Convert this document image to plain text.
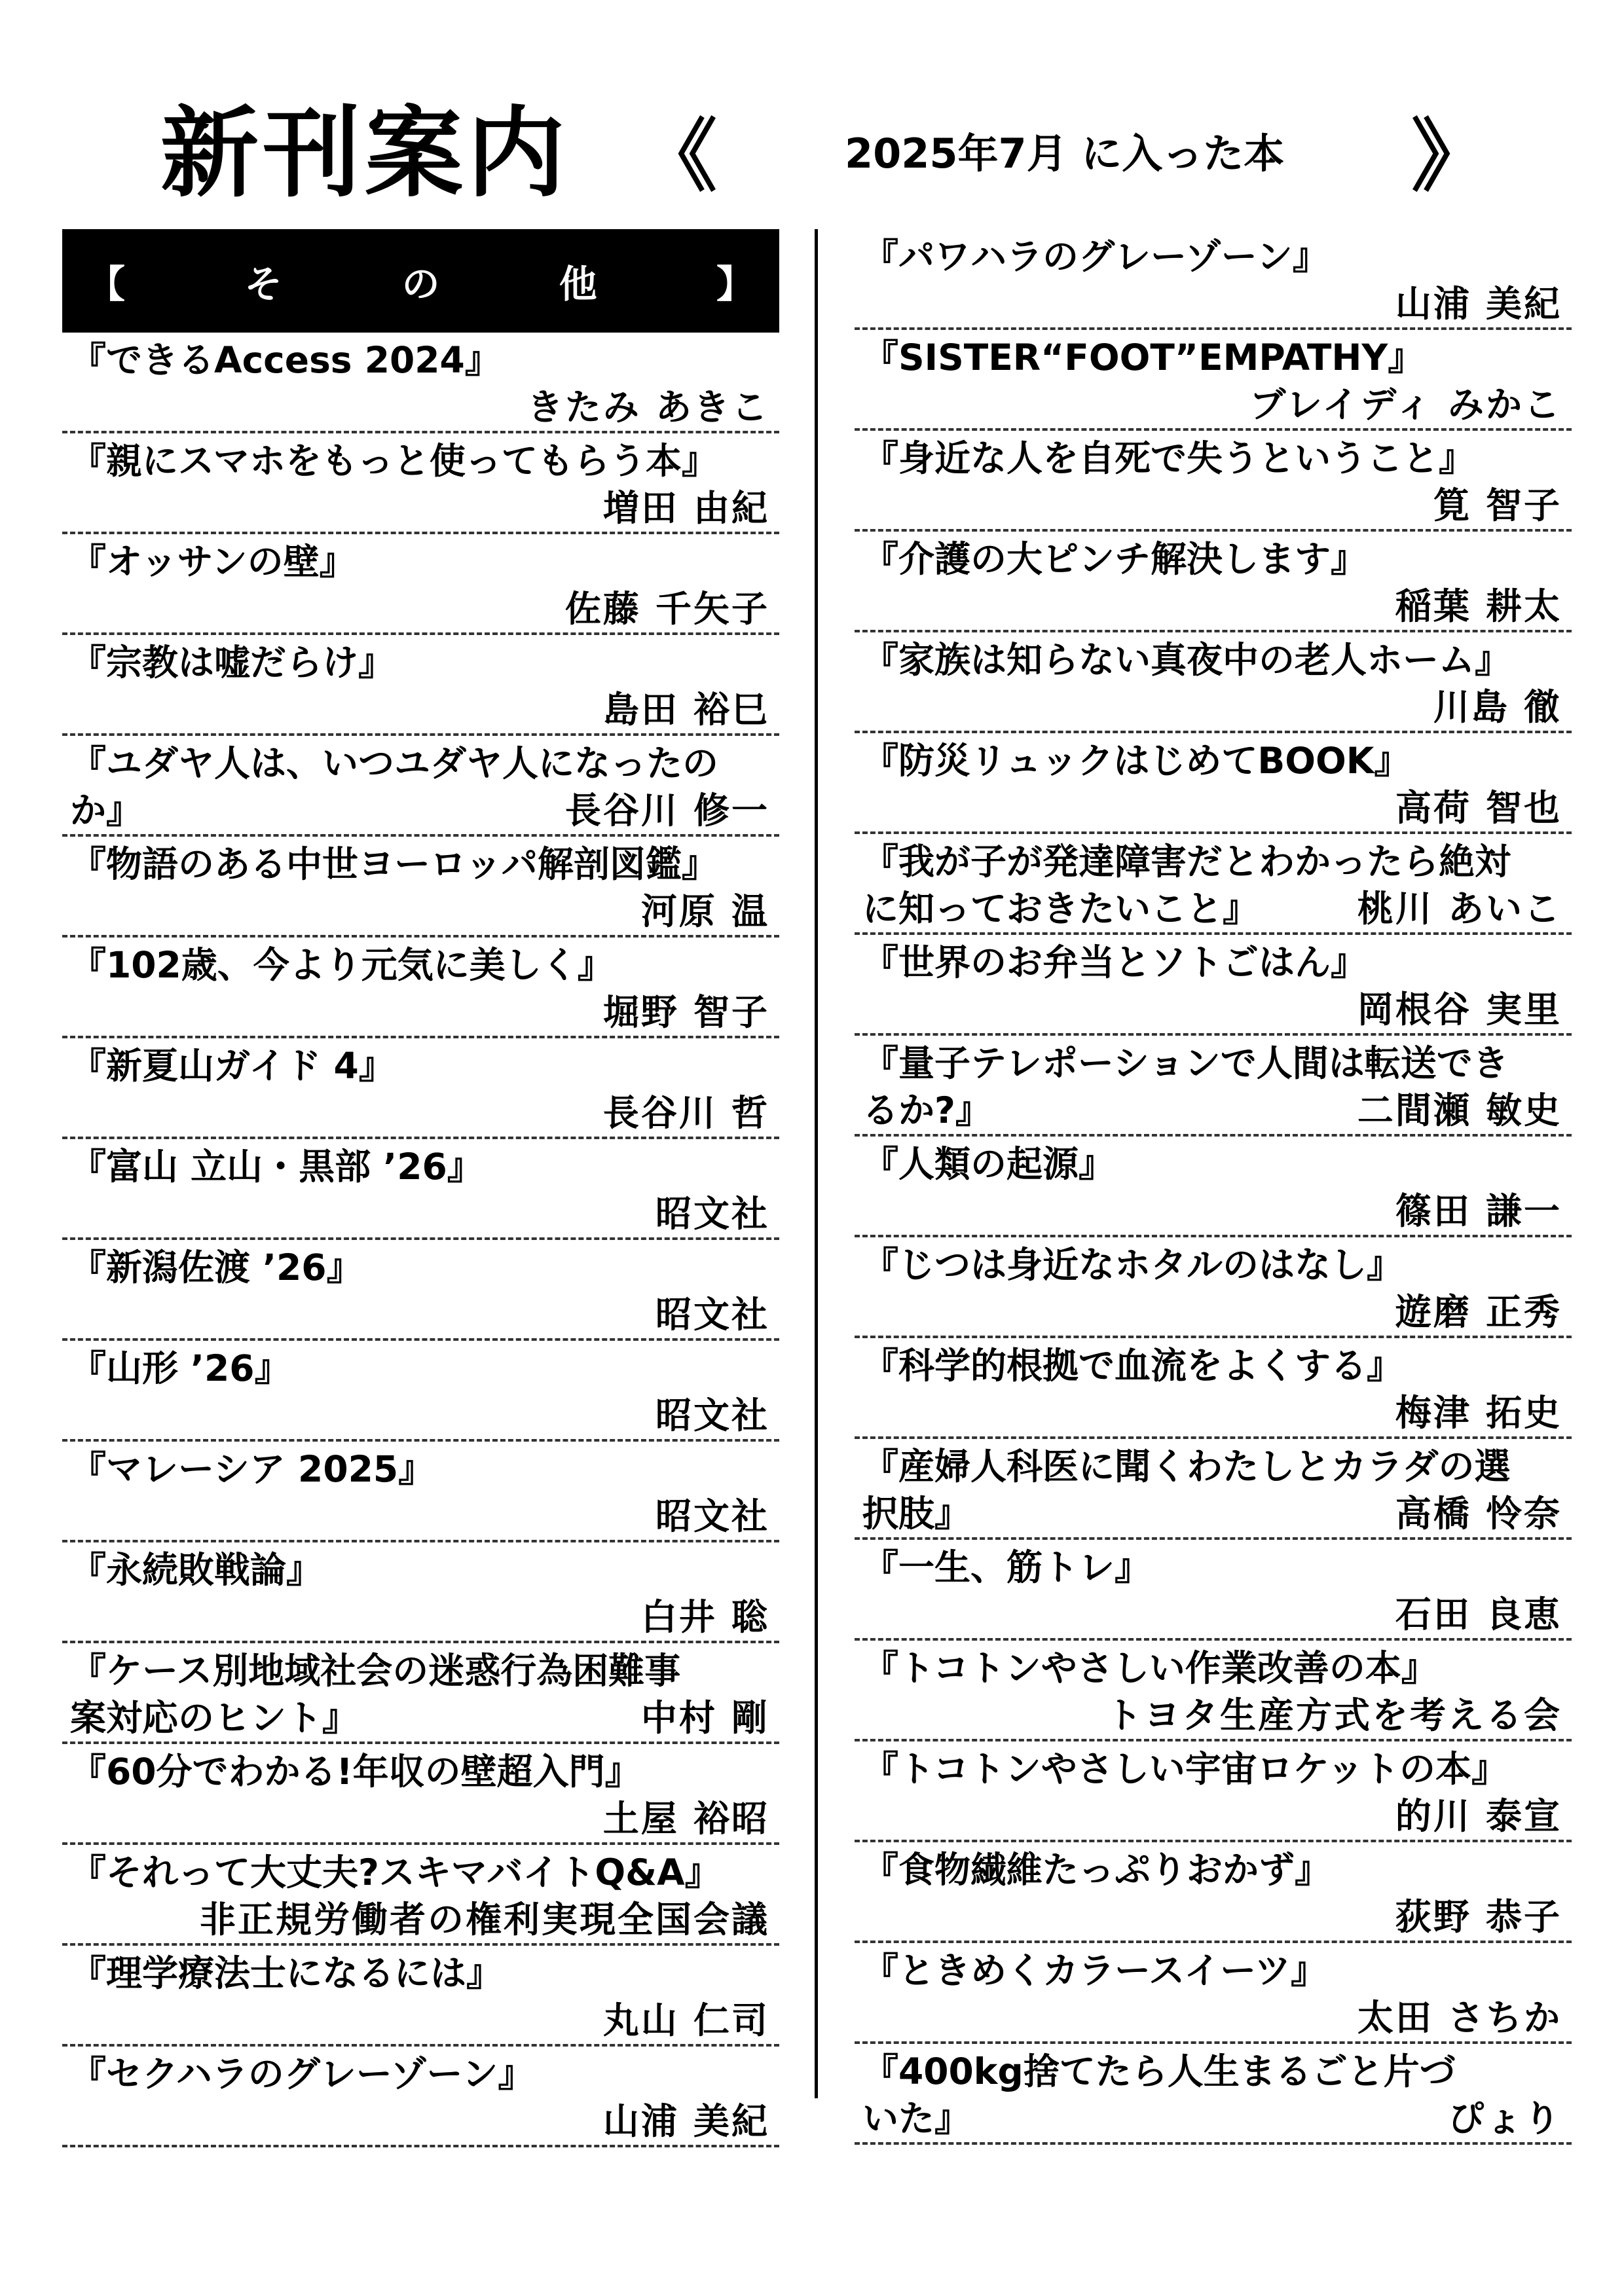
新刊案内 《	2025年7月 に入った本 》
【	そ	の	他	】
『できるAccess 2024』
きたみ あきこ
『親にスマホをもっと使ってもらう本』
増田 由紀
『オッサンの壁』
佐藤 千矢子
『宗教は嘘だらけ』
島田 裕巳
『ユダヤ人は、いつユダヤ人になったの
か』	長谷川 修一
『物語のある中世ヨーロッパ解剖図鑑』
河原 温
『102歳、今より元気に美しく』
堀野 智子
『新夏山ガイド 4』
長谷川 哲
『富山 立山・黒部 ’26』
昭文社
『新潟佐渡 ’26』
昭文社
『山形 ’26』
昭文社
『マレーシア 2025』
昭文社
『永続敗戦論』
白井 聡
『ケース別地域社会の迷惑行為困難事
案対応のヒント』	中村 剛
『60分でわかる!年収の壁超入門』
土屋 裕昭
『それって大丈夫?スキマバイトQ&A』
非正規労働者の権利実現全国会議
『理学療法士になるには』
丸山 仁司
『セクハラのグレーゾーン』
山浦 美紀
『パワハラのグレーゾーン』
山浦 美紀
『SISTER“FOOT”EMPATHY』
ブレイディ みかこ
『身近な人を自死で失うということ』
筧 智子
『介護の大ピンチ解決します』
稲葉 耕太
『家族は知らない真夜中の老人ホーム』
川島 徹
『防災リュックはじめてBOOK』
高荷 智也
『我が子が発達障害だとわかったら絶対
に知っておきたいこと』	桃川 あいこ
『世界のお弁当とソトごはん』
岡根谷 実里
『量子テレポーションで人間は転送でき
るか?』	二間瀬 敏史
『人類の起源』
篠田 謙一
『じつは身近なホタルのはなし』
遊磨 正秀
『科学的根拠で血流をよくする』
梅津 拓史
『産婦人科医に聞くわたしとカラダの選
択肢』	高橋 怜奈
『一生、筋トレ』
石田 良恵
『トコトンやさしい作業改善の本』
トヨタ生産方式を考える会
『トコトンやさしい宇宙ロケットの本』
的川 泰宣
『食物繊維たっぷりおかず』
荻野 恭子
『ときめくカラースイーツ』
太田 さちか
『400kg捨てたら人生まるごと片づ
いた』	ぴょり
